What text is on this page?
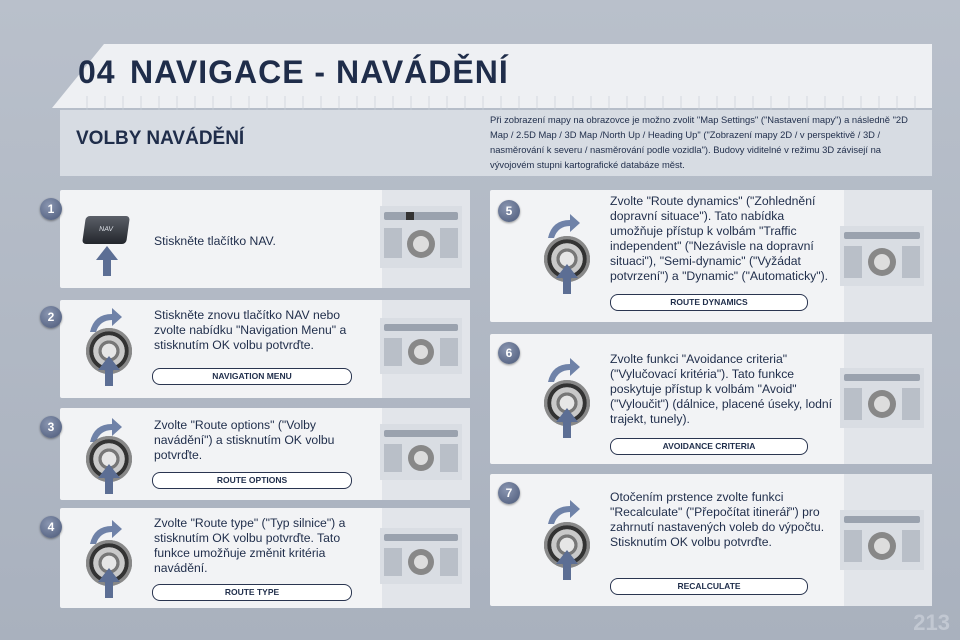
04 NAVIGACE - NAVÁDĚNÍ
VOLBY NAVÁDĚNÍ
Při zobrazení mapy na obrazovce je možno zvolit "Map Settings" ("Nastavení mapy") a následně "2D Map / 2.5D Map / 3D Map /North Up / Heading Up" ("Zobrazení mapy 2D / v perspektivě / 3D / nasměrování k severu / nasměrování podle vozidla"). Budovy viditelné v režimu 3D závisejí na vývojovém stupni kartografické databáze měst.
1
NAV
Stiskněte tlačítko NAV.
2	Stiskněte znovu tlačítko NAV nebo zvolte nabídku "Navigation Menu" a stisknutím OK volbu potvrďte.
NAVIGATION MENU
3	Zvolte "Route options" ("Volby navádění") a stisknutím OK volbu potvrďte.
ROUTE OPTIONS
4	Zvolte "Route type" ("Typ silnice") a stisknutím OK volbu potvrďte. Tato funkce umožňuje změnit kritéria navádění.
ROUTE TYPE
5
Zvolte "Route dynamics" ("Zohlednění dopravní situace"). Tato nabídka umožňuje přístup k volbám "Traffic independent" ("Nezávisle na dopravní situaci"), "Semi-dynamic" ("Vyžádat potvrzení") a "Dynamic" ("Automaticky").
ROUTE DYNAMICS
6	Zvolte funkci "Avoidance criteria" ("Vylučovací kritéria"). Tato funkce poskytuje přístup k volbám "Avoid" ("Vyloučit") (dálnice, placené úseky, lodní trajekt, tunely).
AVOIDANCE CRITERIA
7	Otočením prstence zvolte funkci "Recalculate" ("Přepočítat itinerář") pro zahrnutí nastavených voleb do výpočtu. Stisknutím OK volbu potvrďte.
RECALCULATE
213
